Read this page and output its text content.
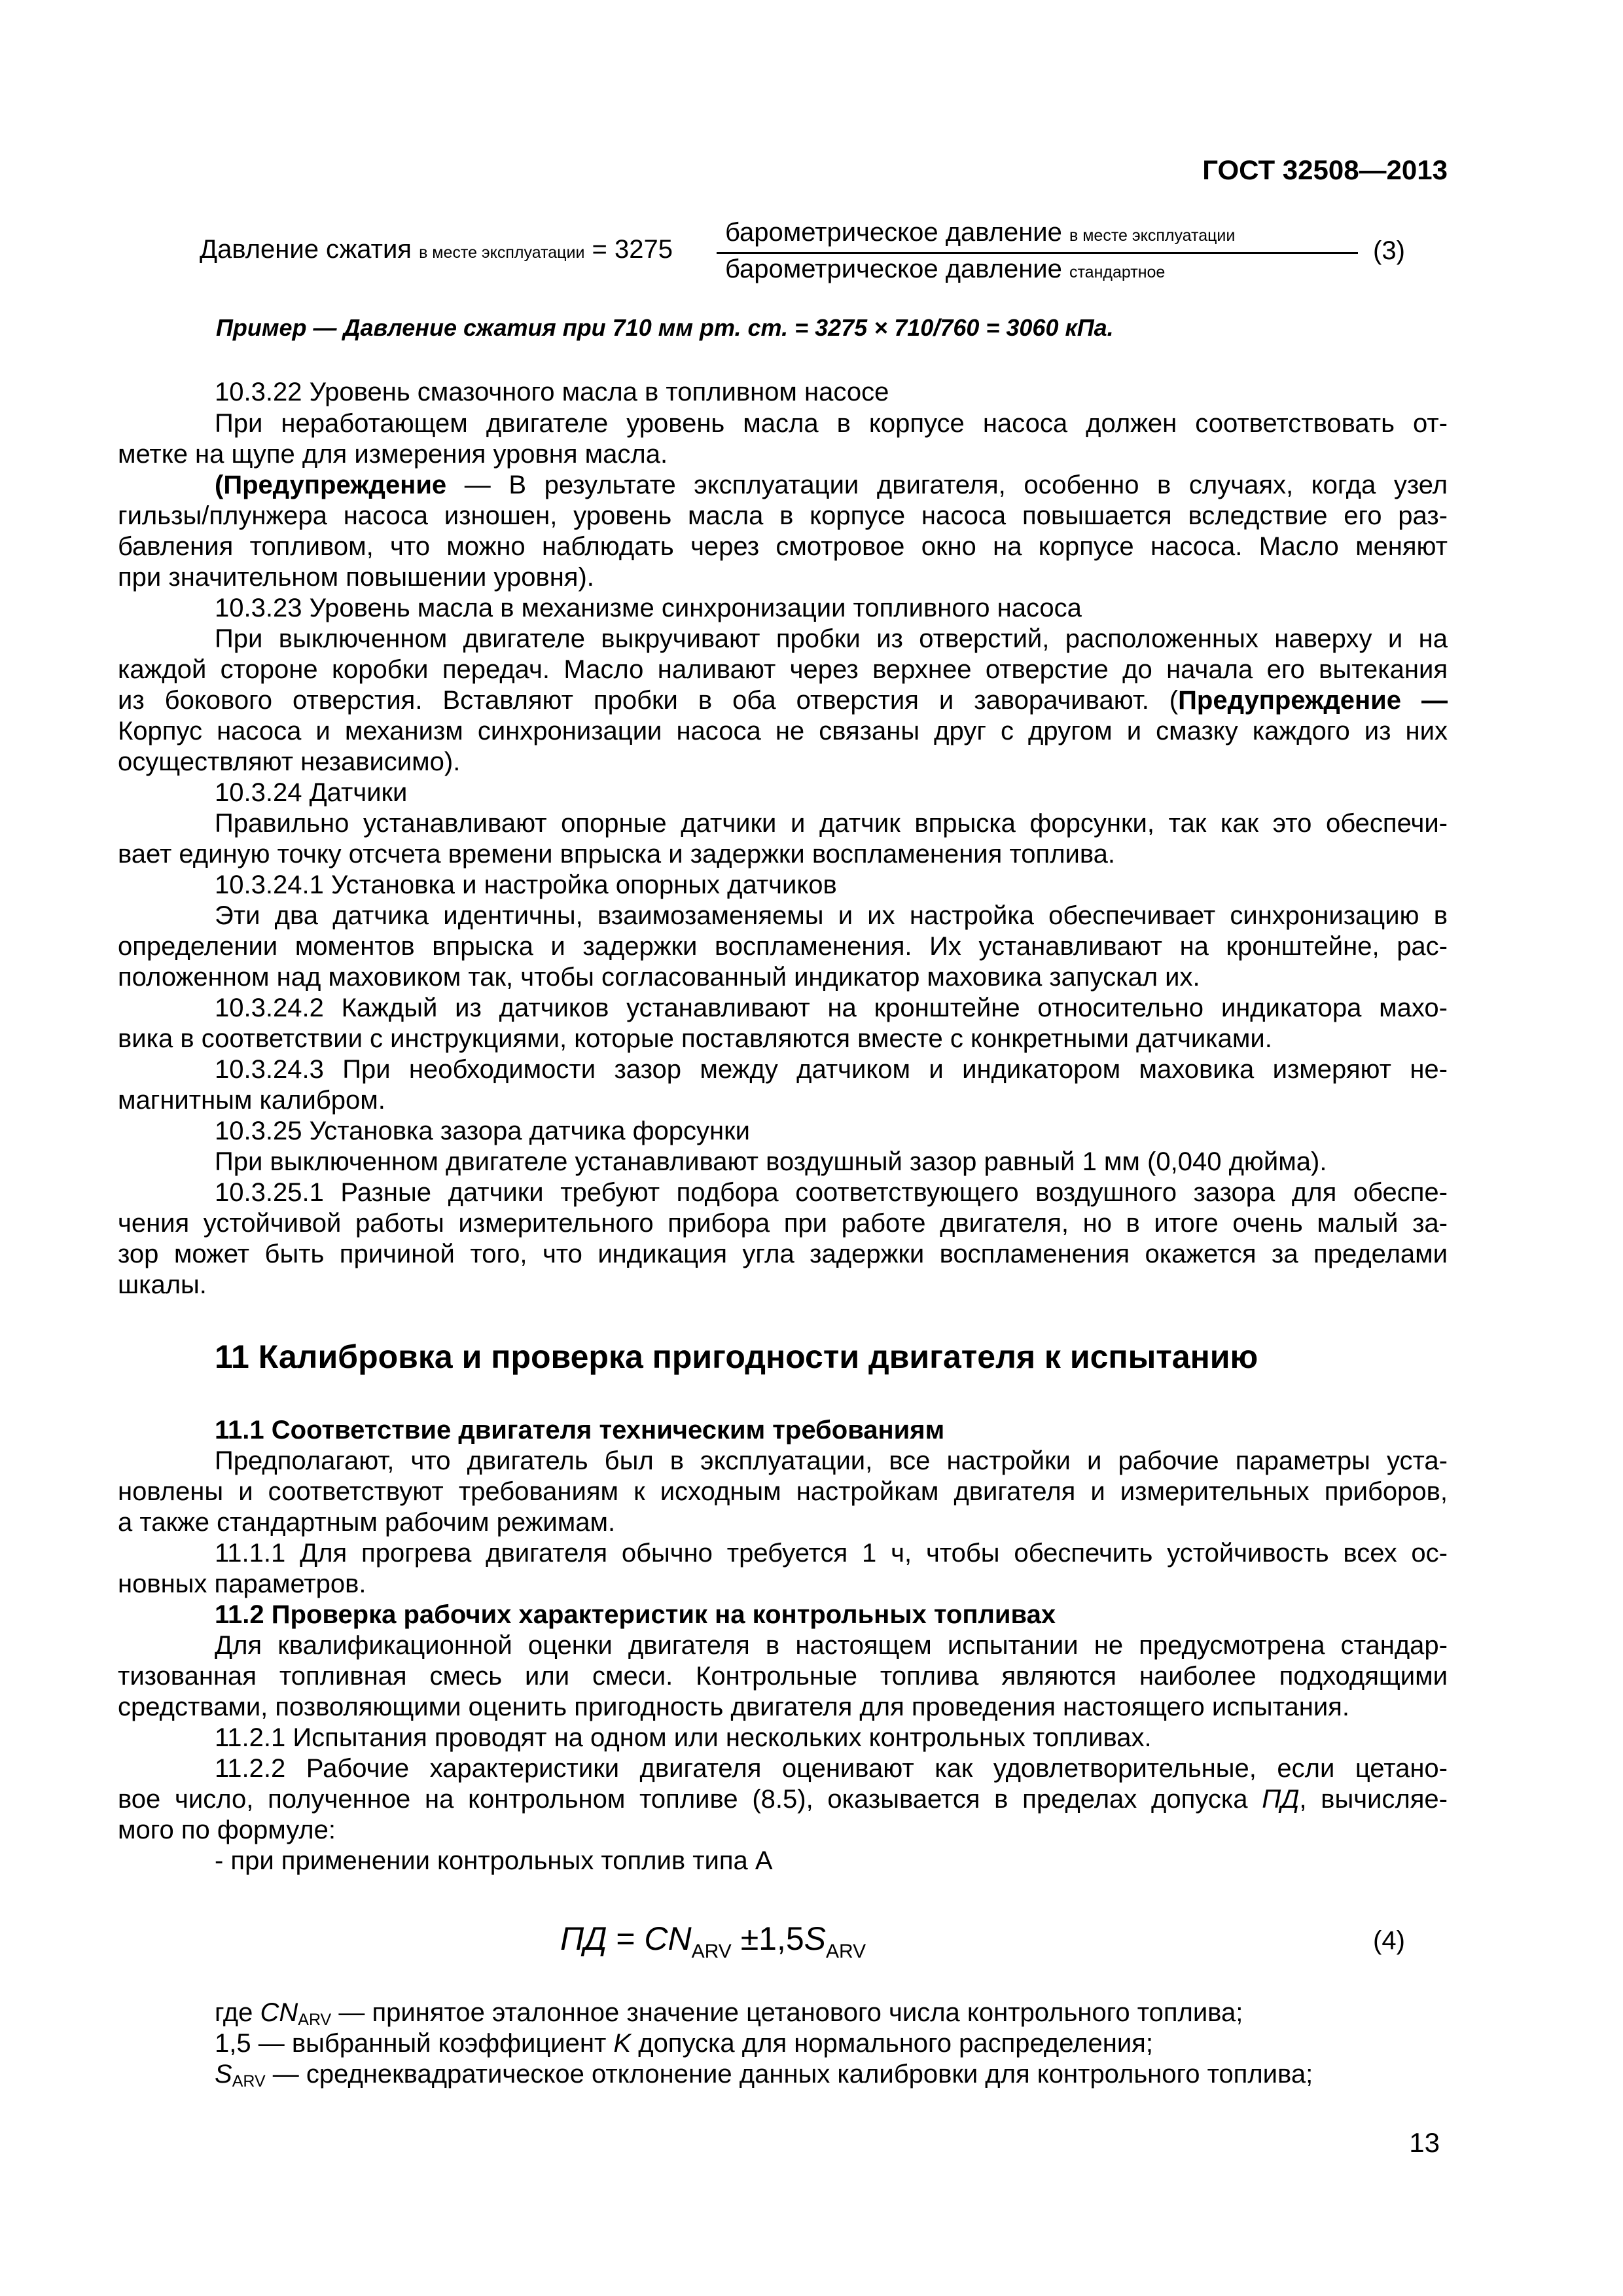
ГОСТ 32508—2013
Давление сжатия в месте эксплуатации = 3275
барометрическое давление в месте эксплуатации
барометрическое давление стандартное
(3)
Пример — Давление сжатия при 710 мм рт. ст. = 3275 × 710/760 = 3060 кПа.
10.3.22 Уровень смазочного масла в топливном насосе
При неработающем двигателе уровень масла в корпусе насоса должен соответствовать от-
метке на щупе для измерения уровня масла.
(Предупреждение — В результате эксплуатации двигателя, особенно в случаях, когда узел
гильзы/плунжера насоса изношен, уровень масла в корпусе насоса повышается вследствие его раз-
бавления топливом, что можно наблюдать через смотровое окно на корпусе насоса. Масло меняют
при значительном повышении уровня).
10.3.23 Уровень масла в механизме синхронизации топливного насоса
При выключенном двигателе выкручивают пробки из отверстий, расположенных наверху и на
каждой стороне коробки передач. Масло наливают через верхнее отверстие до начала его вытекания
из бокового отверстия. Вставляют пробки в оба отверстия и заворачивают. (Предупреждение —
Корпус насоса и механизм синхронизации насоса не связаны друг с другом и смазку каждого из них
осуществляют независимо).
10.3.24 Датчики
Правильно устанавливают опорные датчики и датчик впрыска форсунки, так как это обеспечи-
вает единую точку отсчета времени впрыска и задержки воспламенения топлива.
10.3.24.1 Установка и настройка опорных датчиков
Эти два датчика идентичны, взаимозаменяемы и их настройка обеспечивает синхронизацию в
определении моментов впрыска и задержки воспламенения. Их устанавливают на кронштейне, рас-
положенном над маховиком так, чтобы согласованный индикатор маховика запускал их.
10.3.24.2 Каждый из датчиков устанавливают на кронштейне относительно индикатора махо-
вика в соответствии с инструкциями, которые поставляются вместе с конкретными датчиками.
10.3.24.3 При необходимости зазор между датчиком и индикатором маховика измеряют не-
магнитным калибром.
10.3.25 Установка зазора датчика форсунки
При выключенном двигателе устанавливают воздушный зазор равный 1 мм (0,040 дюйма).
10.3.25.1 Разные датчики требуют подбора соответствующего воздушного зазора для обеспе-
чения устойчивой работы измерительного прибора при работе двигателя, но в итоге очень малый за-
зор может быть причиной того, что индикация угла задержки воспламенения окажется за пределами
шкалы.
11 Калибровка и проверка пригодности двигателя к испытанию
11.1 Соответствие двигателя техническим требованиям
Предполагают, что двигатель был в эксплуатации, все настройки и рабочие параметры уста-
новлены и соответствуют требованиям к исходным настройкам двигателя и измерительных приборов,
а также стандартным рабочим режимам.
11.1.1 Для прогрева двигателя обычно требуется 1 ч, чтобы обеспечить устойчивость всех ос-
новных параметров.
11.2 Проверка рабочих характеристик на контрольных топливах
Для квалификационной оценки двигателя в настоящем испытании не предусмотрена стандар-
тизованная топливная смесь или смеси. Контрольные топлива являются наиболее подходящими
средствами, позволяющими оценить пригодность двигателя для проведения настоящего испытания.
11.2.1 Испытания проводят на одном или нескольких контрольных топливах.
11.2.2 Рабочие характеристики двигателя оценивают как удовлетворительные, если цетано-
вое число, полученное на контрольном топливе (8.5), оказывается в пределах допуска ПД, вычисляе-
мого по формуле:
- при применении контрольных топлив типа А
ПД = $CN_{ARV} \pm 1,5S_{ARV}$	(4)
где $CN_{ARV}$ — принятое эталонное значение цетанового числа контрольного топлива;
1,5 — выбранный коэффициент K допуска для нормального распределения;
$S_{ARV}$ — среднеквадратическое отклонение данных калибровки для контрольного топлива;
13
